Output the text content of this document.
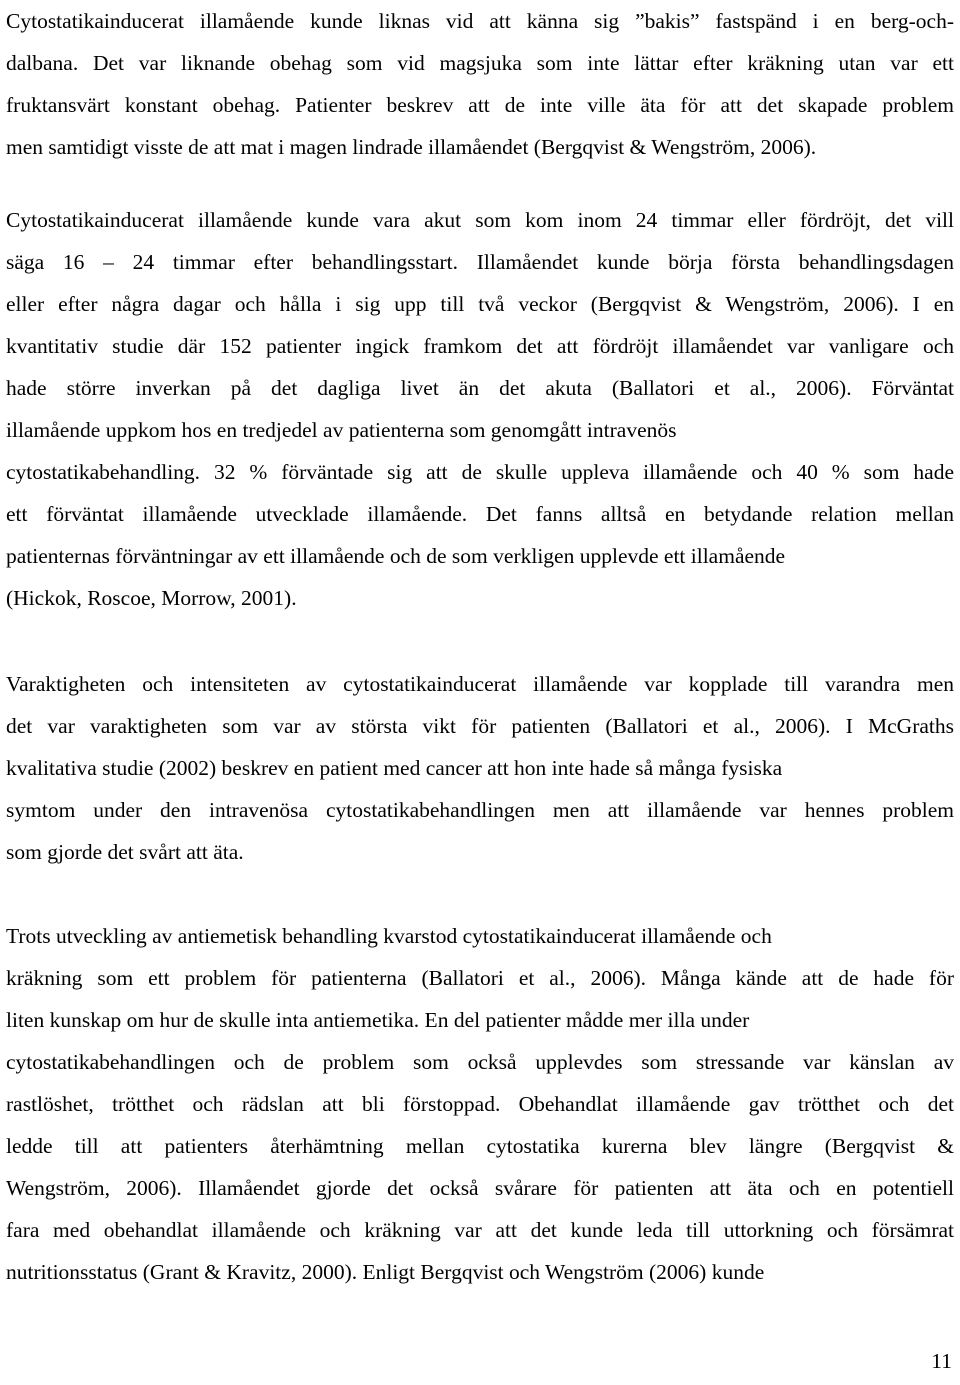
Cytostatikainducerat illamående kunde liknas vid att känna sig ”bakis” fastspänd i en berg-och-
dalbana. Det var liknande obehag som vid magsjuka som inte lättar efter kräkning utan var ett
fruktansvärt konstant obehag. Patienter beskrev att de inte ville äta för att det skapade problem
men samtidigt visste de att mat i magen lindrade illamåendet (Bergqvist & Wengström, 2006).
Cytostatikainducerat illamående kunde vara akut som kom inom 24 timmar eller fördröjt, det vill
säga 16 – 24 timmar efter behandlingsstart. Illamåendet kunde börja första behandlingsdagen
eller efter några dagar och hålla i sig upp till två veckor (Bergqvist & Wengström, 2006). I en
kvantitativ studie där 152 patienter ingick framkom det att fördröjt illamåendet var vanligare och
hade större inverkan på det dagliga livet än det akuta (Ballatori et al., 2006). Förväntat
illamående uppkom hos en tredjedel av patienterna som genomgått intravenös
cytostatikabehandling. 32 % förväntade sig att de skulle uppleva illamående och 40 % som hade
ett förväntat illamående utvecklade illamående. Det fanns alltså en betydande relation mellan
patienternas förväntningar av ett illamående och de som verkligen upplevde ett illamående
(Hickok, Roscoe, Morrow, 2001).
Varaktigheten och intensiteten av cytostatikainducerat illamående var kopplade till varandra men
det var varaktigheten som var av största vikt för patienten (Ballatori et al., 2006). I McGraths
kvalitativa studie (2002) beskrev en patient med cancer att hon inte hade så många fysiska
symtom under den intravenösa cytostatikabehandlingen men att illamående var hennes problem
som gjorde det svårt att äta.
Trots utveckling av antiemetisk behandling kvarstod cytostatikainducerat illamående och
kräkning som ett problem för patienterna (Ballatori et al., 2006). Många kände att de hade för
liten kunskap om hur de skulle inta antiemetika. En del patienter mådde mer illa under
cytostatikabehandlingen och de problem som också upplevdes som stressande var känslan av
rastlöshet, trötthet och rädslan att bli förstoppad. Obehandlat illamående gav trötthet och det
ledde till att patienters återhämtning mellan cytostatika kurerna blev längre (Bergqvist &
Wengström, 2006). Illamåendet gjorde det också svårare för patienten att äta och en potentiell
fara med obehandlat illamående och kräkning var att det kunde leda till uttorkning och försämrat
nutritionsstatus (Grant & Kravitz, 2000). Enligt Bergqvist och Wengström (2006) kunde
11
